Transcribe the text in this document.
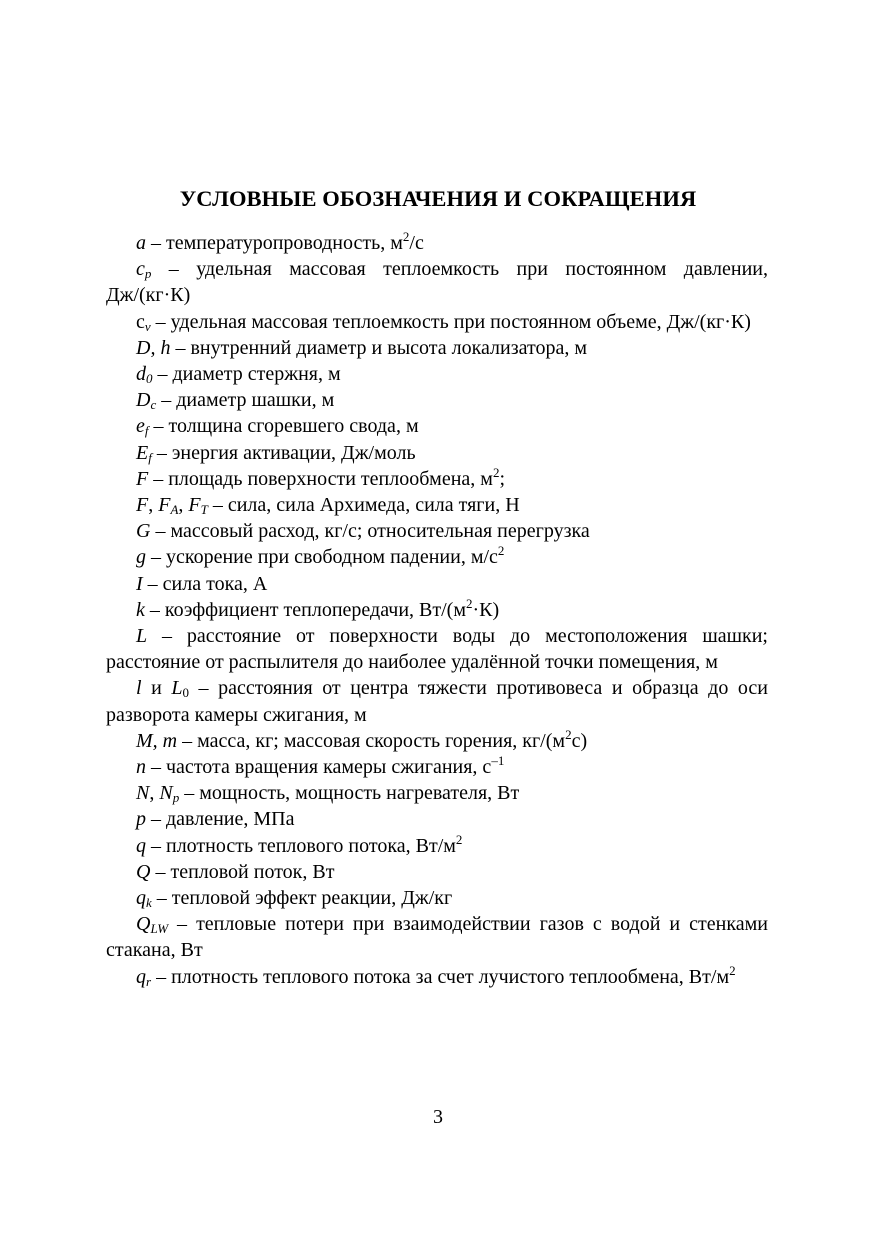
УСЛОВНЫЕ ОБОЗНАЧЕНИЯ И СОКРАЩЕНИЯ

a – температуропроводность, $м^2/с$

$c_p$ – удельная массовая теплоемкость при постоянном давлении, Дж/(кг·К)

$c_v$ – удельная массовая теплоемкость при постоянном объеме, Дж/(кг·К)

D, h – внутренний диаметр и высота локализатора, м

$d_0$ – диаметр стержня, м

$D_c$ – диаметр шашки, м

$e_f$ – толщина сгоревшего свода, м

$E_f$ – энергия активации, Дж/моль

F – площадь поверхности теплообмена, $м^2$;

F, $F_A$, $F_T$ – сила, сила Архимеда, сила тяги, Н

G – массовый расход, кг/с; относительная перегрузка

g – ускорение при свободном падении, $м/с^2$

I – сила тока, А

k – коэффициент теплопередачи, $Вт/(м^2\cdot К)$

L – расстояние от поверхности воды до местоположения шашки; расстояние от распылителя до наиболее удалённой точки помещения, м

l и $L_0$ – расстояния от центра тяжести противовеса и образца до оси разворота камеры сжигания, м

M, m – масса, кг; массовая скорость горения, $кг/(м^2с)$

n – частота вращения камеры сжигания, $с^{-1}$

N, $N_p$ – мощность, мощность нагревателя, Вт

p – давление, МПа

q – плотность теплового потока, $Вт/м^2$

Q – тепловой поток, Вт

$q_k$ – тепловой эффект реакции, Дж/кг

$Q_{LW}$ – тепловые потери при взаимодействии газов с водой и стенками стакана, Вт

$q_r$ – плотность теплового потока за счет лучистого теплообмена, $Вт/м^2$

3
